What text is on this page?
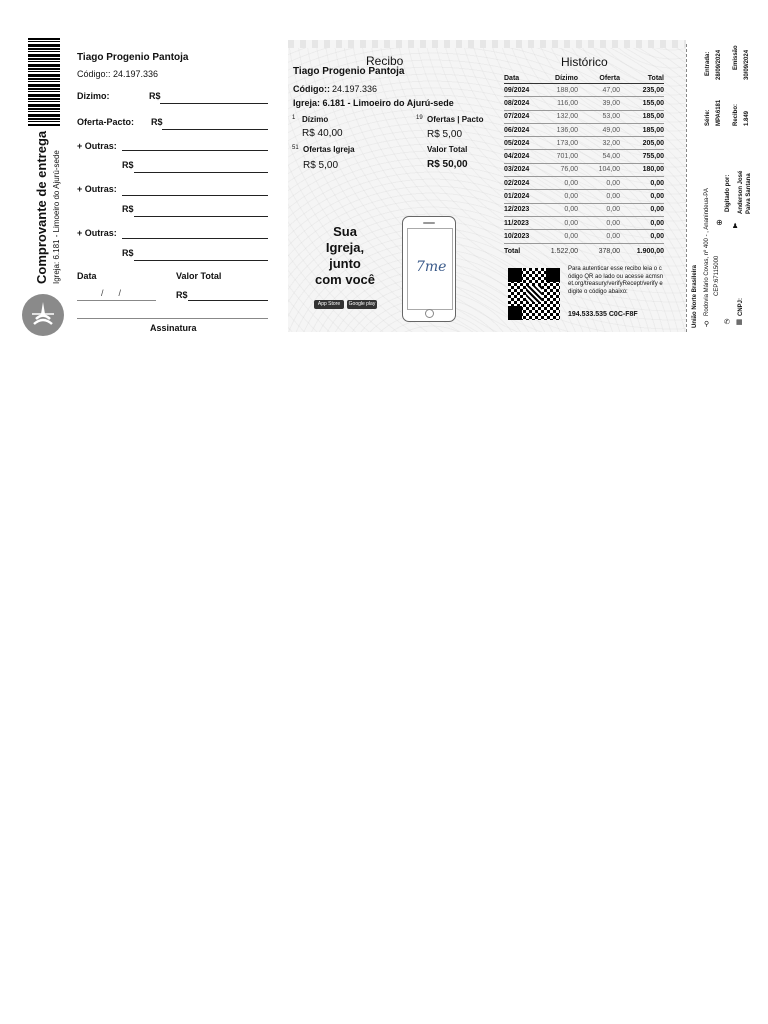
Comprovante de entrega Igreja: 6.181 - Limoeiro do Ajurú-sede
Tiago Progenio Pantoja
Código:: 24.197.336
Dizimo:	R$
Oferta-Pacto: R$
+ Outras:
R$
+ Outras:
R$
+ Outras:
R$
Data	Valor Total
/      /	R$
Assinatura
Recibo
Tiago Progenio Pantoja
Código:: 24.197.336
Igreja: 6.181 - Limoeiro do Ajurú-sede
1 Dízimo
R$ 40,00
19 Ofertas | Pacto
R$ 5,00
51 Ofertas Igreja
R$ 5,00
Valor Total
R$ 50,00
Sua
Igreja,
junto
com você
App Store	Google play
7me
Histórico
Data	Dízimo	Oferta	Total
09/2024	188,00	47,00	235,00
08/2024	116,00	39,00	155,00
07/2024	132,00	53,00	185,00
06/2024	136,00	49,00	185,00
05/2024	173,00	32,00	205,00
04/2024	701,00	54,00	755,00
03/2024	76,00	104,00	180,00
02/2024	0,00	0,00	0,00
01/2024	0,00	0,00	0,00
12/2023	0,00	0,00	0,00
11/2023	0,00	0,00	0,00
10/2023	0,00	0,00	0,00
Total	1.522,00	378,00	1.900,00
Para autenticar esse recibo leia o código QR ao lado ou acesse acmsnet.org/treasury/verifyRecept/verify e digite o código abaixo:
194.533.535 C0C-F8F
Entrada: 28/09/2024 Emissão 30/09/2024
Série: MPA6181 Recibo: 1.849
⊕
Digitado por:
♟
Anderson José Paiva Santana
União Norte Brasileira ⚲
Rodovia Mário Covas, nº 400 - , Ananindeua-PA
✆
CEP:67115000
▦
CNPJ:
